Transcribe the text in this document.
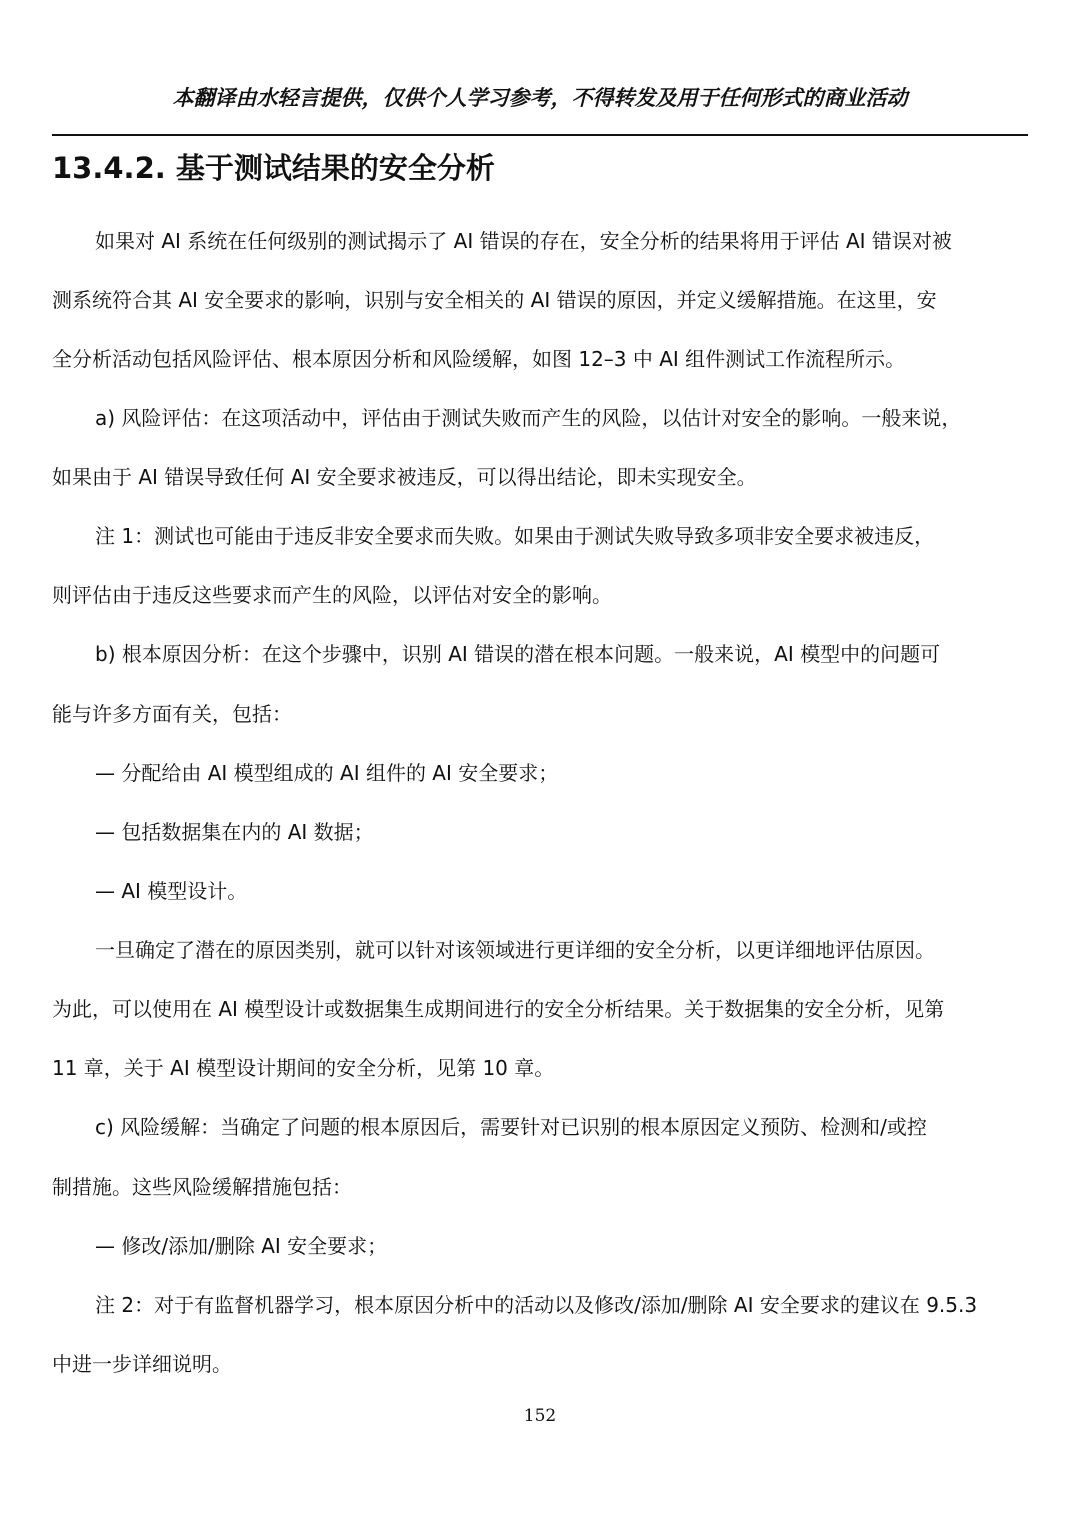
本翻译由水轻言提供，仅供个人学习参考，不得转发及用于任何形式的商业活动
13.4.2. 基于测试结果的安全分析
如果对 AI 系统在任何级别的测试揭示了 AI 错误的存在，安全分析的结果将用于评估 AI 错误对被
测系统符合其 AI 安全要求的影响，识别与安全相关的 AI 错误的原因，并定义缓解措施。在这里，安
全分析活动包括风险评估、根本原因分析和风险缓解，如图 12–3 中 AI 组件测试工作流程所示。
a) 风险评估：在这项活动中，评估由于测试失败而产生的风险，以估计对安全的影响。一般来说，
如果由于 AI 错误导致任何 AI 安全要求被违反，可以得出结论，即未实现安全。
注 1：测试也可能由于违反非安全要求而失败。如果由于测试失败导致多项非安全要求被违反，
则评估由于违反这些要求而产生的风险，以评估对安全的影响。
b) 根本原因分析：在这个步骤中，识别 AI 错误的潜在根本问题。一般来说，AI 模型中的问题可
能与许多方面有关，包括：
— 分配给由 AI 模型组成的 AI 组件的 AI 安全要求；
— 包括数据集在内的 AI 数据；
— AI 模型设计。
一旦确定了潜在的原因类别，就可以针对该领域进行更详细的安全分析，以更详细地评估原因。
为此，可以使用在 AI 模型设计或数据集生成期间进行的安全分析结果。关于数据集的安全分析，见第
11 章，关于 AI 模型设计期间的安全分析，见第 10 章。
c) 风险缓解：当确定了问题的根本原因后，需要针对已识别的根本原因定义预防、检测和/或控
制措施。这些风险缓解措施包括：
— 修改/添加/删除 AI 安全要求；
注 2：对于有监督机器学习，根本原因分析中的活动以及修改/添加/删除 AI 安全要求的建议在 9.5.3
中进一步详细说明。
152
